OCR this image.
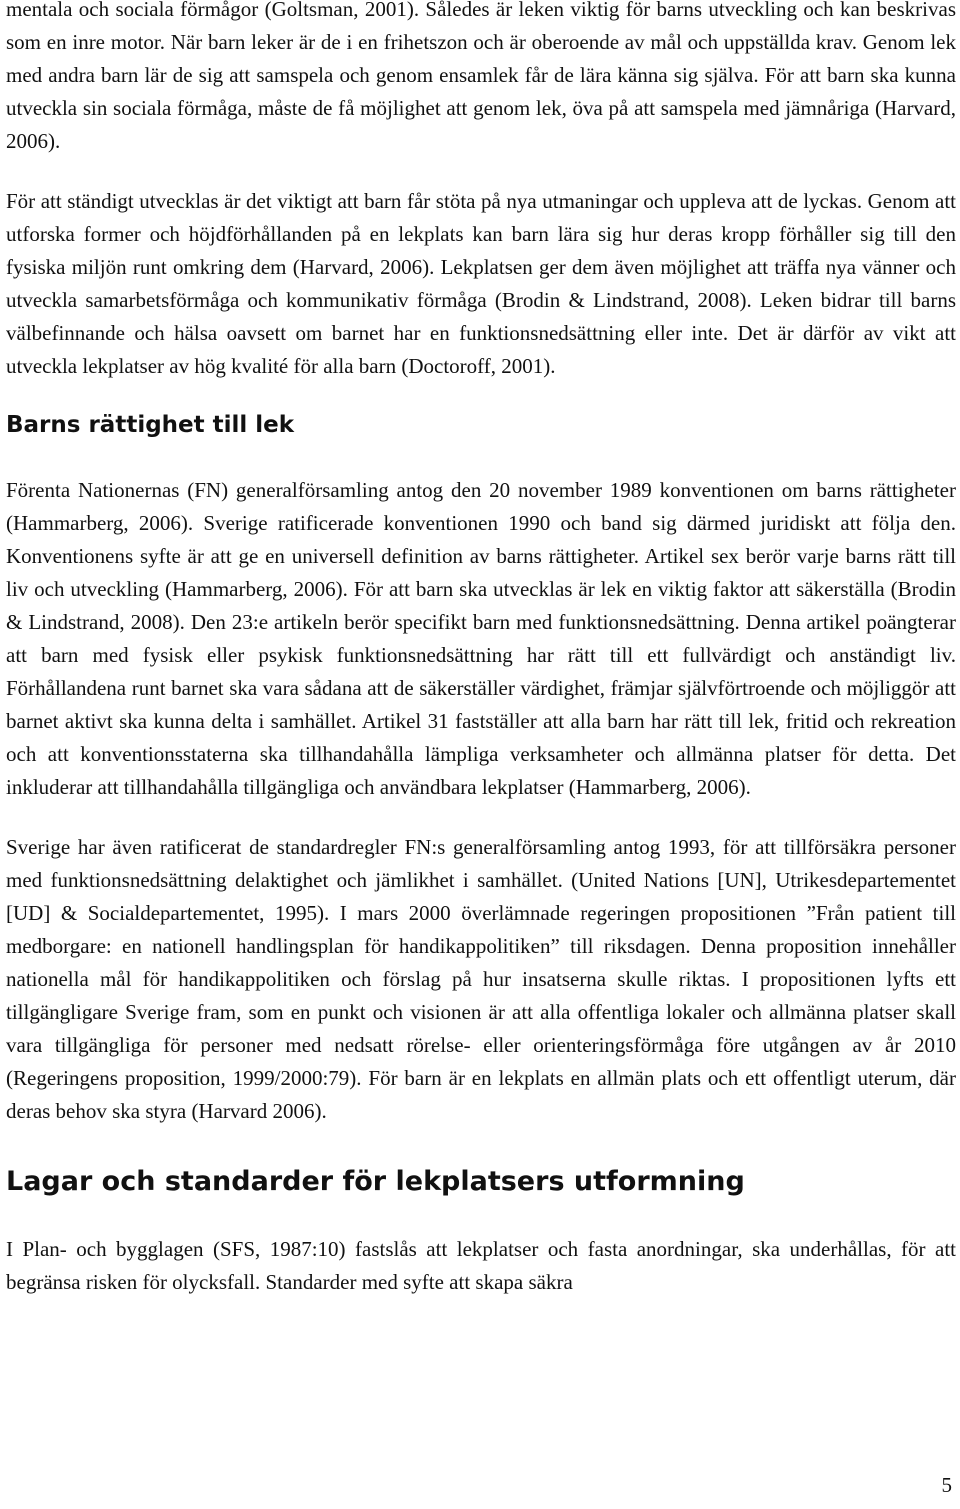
mentala och sociala förmågor (Goltsman, 2001). Således är leken viktig för barns utveckling och kan beskrivas som en inre motor. När barn leker är de i en frihetszon och är oberoende av mål och uppställda krav. Genom lek med andra barn lär de sig att samspela och genom ensamlek får de lära känna sig själva. För att barn ska kunna utveckla sin sociala förmåga, måste de få möjlighet att genom lek, öva på att samspela med jämnåriga (Harvard, 2006).

För att ständigt utvecklas är det viktigt att barn får stöta på nya utmaningar och uppleva att de lyckas. Genom att utforska former och höjdförhållanden på en lekplats kan barn lära sig hur deras kropp förhåller sig till den fysiska miljön runt omkring dem (Harvard, 2006). Lekplatsen ger dem även möjlighet att träffa nya vänner och utveckla samarbetsförmåga och kommunikativ förmåga (Brodin & Lindstrand, 2008). Leken bidrar till barns välbefinnande och hälsa oavsett om barnet har en funktionsnedsättning eller inte. Det är därför av vikt att utveckla lekplatser av hög kvalité för alla barn (Doctoroff, 2001).

Barns rättighet till lek

Förenta Nationernas (FN) generalförsamling antog den 20 november 1989 konventionen om barns rättigheter (Hammarberg, 2006). Sverige ratificerade konventionen 1990 och band sig därmed juridiskt att följa den. Konventionens syfte är att ge en universell definition av barns rättigheter. Artikel sex berör varje barns rätt till liv och utveckling (Hammarberg, 2006). För att barn ska utvecklas är lek en viktig faktor att säkerställa (Brodin & Lindstrand, 2008). Den 23:e artikeln berör specifikt barn med funktionsnedsättning. Denna artikel poängterar att barn med fysisk eller psykisk funktionsnedsättning har rätt till ett fullvärdigt och anständigt liv. Förhållandena runt barnet ska vara sådana att de säkerställer värdighet, främjar självförtroende och möjliggör att barnet aktivt ska kunna delta i samhället. Artikel 31 fastställer att alla barn har rätt till lek, fritid och rekreation och att konventionsstaterna ska tillhandahålla lämpliga verksamheter och allmänna platser för detta. Det inkluderar att tillhandahålla tillgängliga och användbara lekplatser (Hammarberg, 2006).

Sverige har även ratificerat de standardregler FN:s generalförsamling antog 1993, för att tillförsäkra personer med funktionsnedsättning delaktighet och jämlikhet i samhället. (United Nations [UN], Utrikesdepartementet [UD] & Socialdepartementet, 1995). I mars 2000 överlämnade regeringen propositionen ”Från patient till medborgare: en nationell handlingsplan för handikappolitiken” till riksdagen. Denna proposition innehåller nationella mål för handikappolitiken och förslag på hur insatserna skulle riktas. I propositionen lyfts ett tillgängligare Sverige fram, som en punkt och visionen är att alla offentliga lokaler och allmänna platser skall vara tillgängliga för personer med nedsatt rörelse- eller orienteringsförmåga före utgången av år 2010 (Regeringens proposition, 1999/2000:79). För barn är en lekplats en allmän plats och ett offentligt uterum, där deras behov ska styra (Harvard 2006).

Lagar och standarder för lekplatsers utformning

I Plan- och bygglagen (SFS, 1987:10) fastslås att lekplatser och fasta anordningar, ska underhållas, för att begränsa risken för olycksfall. Standarder med syfte att skapa säkra

5
